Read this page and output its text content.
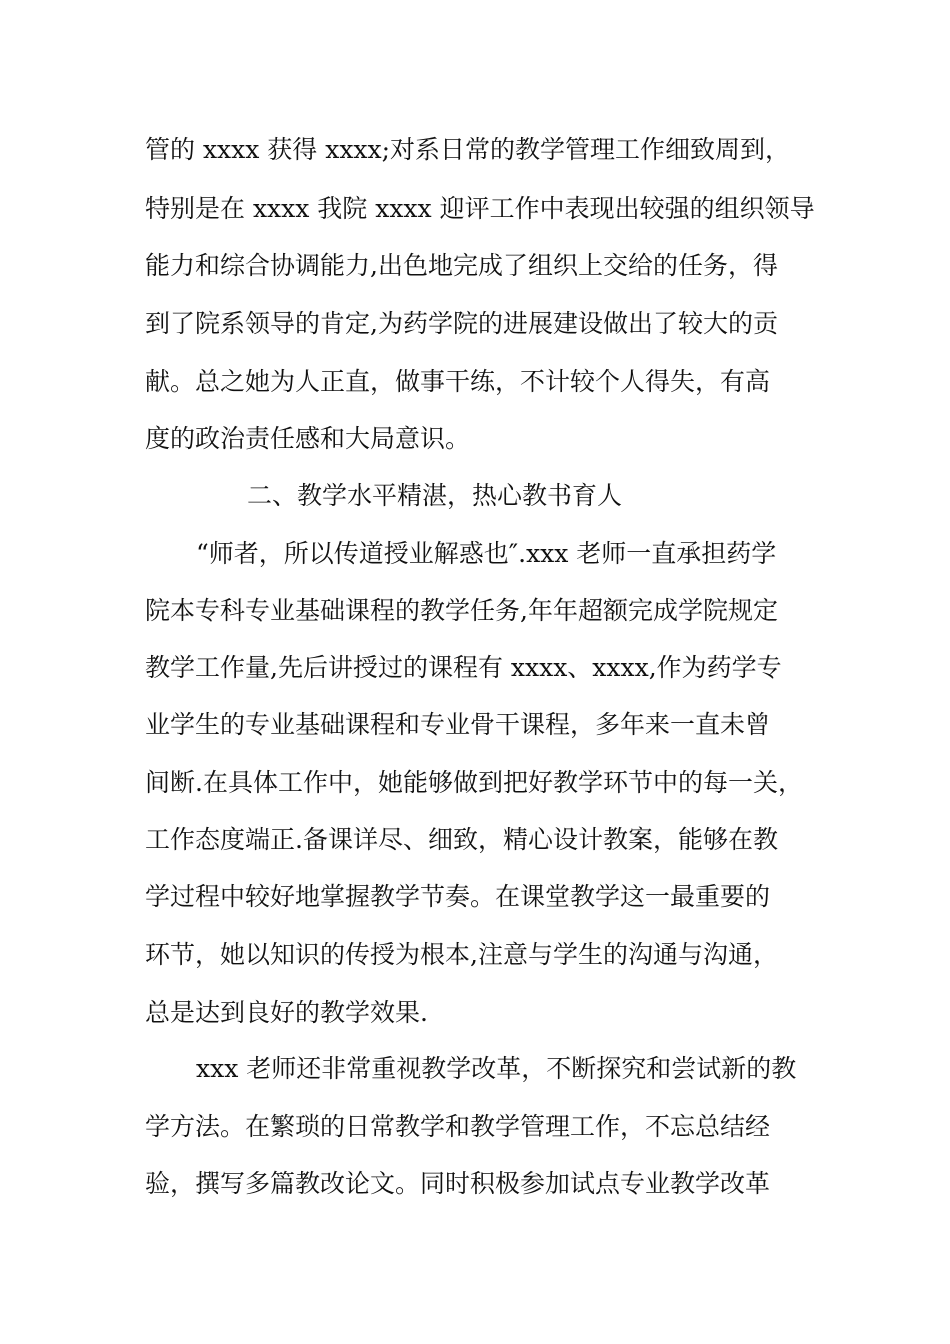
管的 xxxx 获得 xxxx;对系日常的教学管理工作细致周到，
特别是在 xxxx 我院 xxxx 迎评工作中表现出较强的组织领导
能力和综合协调能力,出色地完成了组织上交给的任务，得
到了院系领导的肯定,为药学院的进展建设做出了较大的贡
献。总之她为人正直，做事干练，不计较个人得失，有高
度的政治责任感和大局意识。
二、教学水平精湛，热心教书育人
“师者，所以传道授业解惑也″.xxx 老师一直承担药学
院本专科专业基础课程的教学任务,年年超额完成学院规定
教学工作量,先后讲授过的课程有 xxxx、xxxx,作为药学专
业学生的专业基础课程和专业骨干课程，多年来一直未曾
间断.在具体工作中，她能够做到把好教学环节中的每一关，
工作态度端正.备课详尽、细致，精心设计教案，能够在教
学过程中较好地掌握教学节奏。在课堂教学这一最重要的
环节，她以知识的传授为根本,注意与学生的沟通与沟通，
总是达到良好的教学效果.
xxx 老师还非常重视教学改革，不断探究和尝试新的教
学方法。在繁琐的日常教学和教学管理工作，不忘总结经
验，撰写多篇教改论文。同时积极参加试点专业教学改革
